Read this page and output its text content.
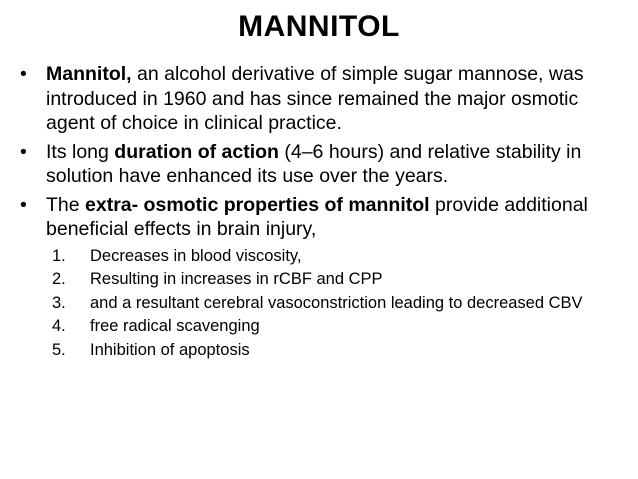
MANNITOL
• Mannitol, an alcohol derivative of simple sugar mannose, was introduced in 1960 and has since remained the major osmotic agent of choice in clinical practice.
• Its long duration of action (4–6 hours) and relative stability in solution have enhanced its use over the years.
• The extra- osmotic properties of mannitol provide additional beneficial effects in brain injury,
1.	Decreases in blood viscosity,
2.	Resulting in increases in rCBF and CPP
3.	and a resultant cerebral vasoconstriction leading to decreased CBV
4.	free radical scavenging
5.	Inhibition of apoptosis
